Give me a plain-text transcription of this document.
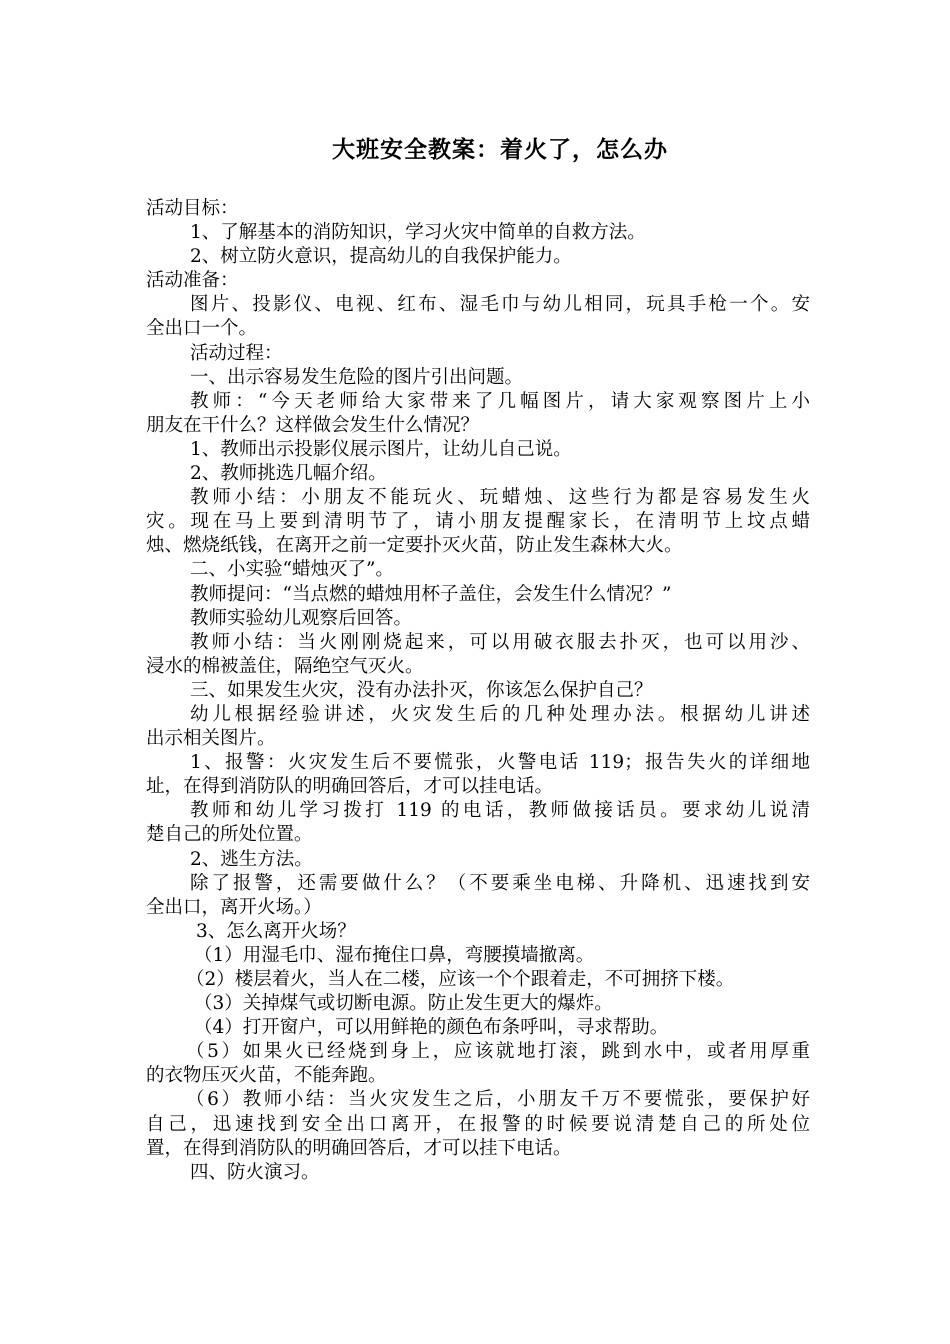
大班安全教案：着火了，怎么办
活动目标：
1、了解基本的消防知识，学习火灾中简单的自救方法。
2、树立防火意识，提高幼儿的自我保护能力。
活动准备：
图片、投影仪、电视、红布、湿毛巾与幼儿相同，玩具手枪一个。安
全出口一个。
活动过程：
一、出示容易发生危险的图片引出问题。
教师：“今天老师给大家带来了几幅图片，请大家观察图片上小
朋友在干什么？这样做会发生什么情况？
1、教师出示投影仪展示图片，让幼儿自己说。
2、教师挑选几幅介绍。
教师小结：小朋友不能玩火、玩蜡烛、这些行为都是容易发生火
灾。现在马上要到清明节了，请小朋友提醒家长，在清明节上坟点蜡
烛、燃烧纸钱，在离开之前一定要扑灭火苗，防止发生森林大火。
二、小实验“蜡烛灭了”。
教师提问：“当点燃的蜡烛用杯子盖住，会发生什么情况？”
教师实验幼儿观察后回答。
教师小结：当火刚刚烧起来，可以用破衣服去扑灭，也可以用沙、
浸水的棉被盖住，隔绝空气灭火。
三、如果发生火灾，没有办法扑灭，你该怎么保护自己？
幼儿根据经验讲述，火灾发生后的几种处理办法。根据幼儿讲述
出示相关图片。
1、报警：火灾发生后不要慌张，火警电话 119；报告失火的详细地
址，在得到消防队的明确回答后，才可以挂电话。
教师和幼儿学习拨打 119 的电话，教师做接话员。要求幼儿说清
楚自己的所处位置。
2、逃生方法。
除了报警，还需要做什么？（不要乘坐电梯、升降机、迅速找到安
全出口，离开火场。）
3、怎么离开火场？
（1）用湿毛巾、湿布掩住口鼻，弯腰摸墙撤离。
（2）楼层着火，当人在二楼，应该一个个跟着走，不可拥挤下楼。
（3）关掉煤气或切断电源。防止发生更大的爆炸。
（4）打开窗户，可以用鲜艳的颜色布条呼叫，寻求帮助。
（5）如果火已经烧到身上，应该就地打滚，跳到水中，或者用厚重
的衣物压灭火苗，不能奔跑。
（6）教师小结：当火灾发生之后，小朋友千万不要慌张，要保护好
自己，迅速找到安全出口离开，在报警的时候要说清楚自己的所处位
置，在得到消防队的明确回答后，才可以挂下电话。
四、防火演习。
